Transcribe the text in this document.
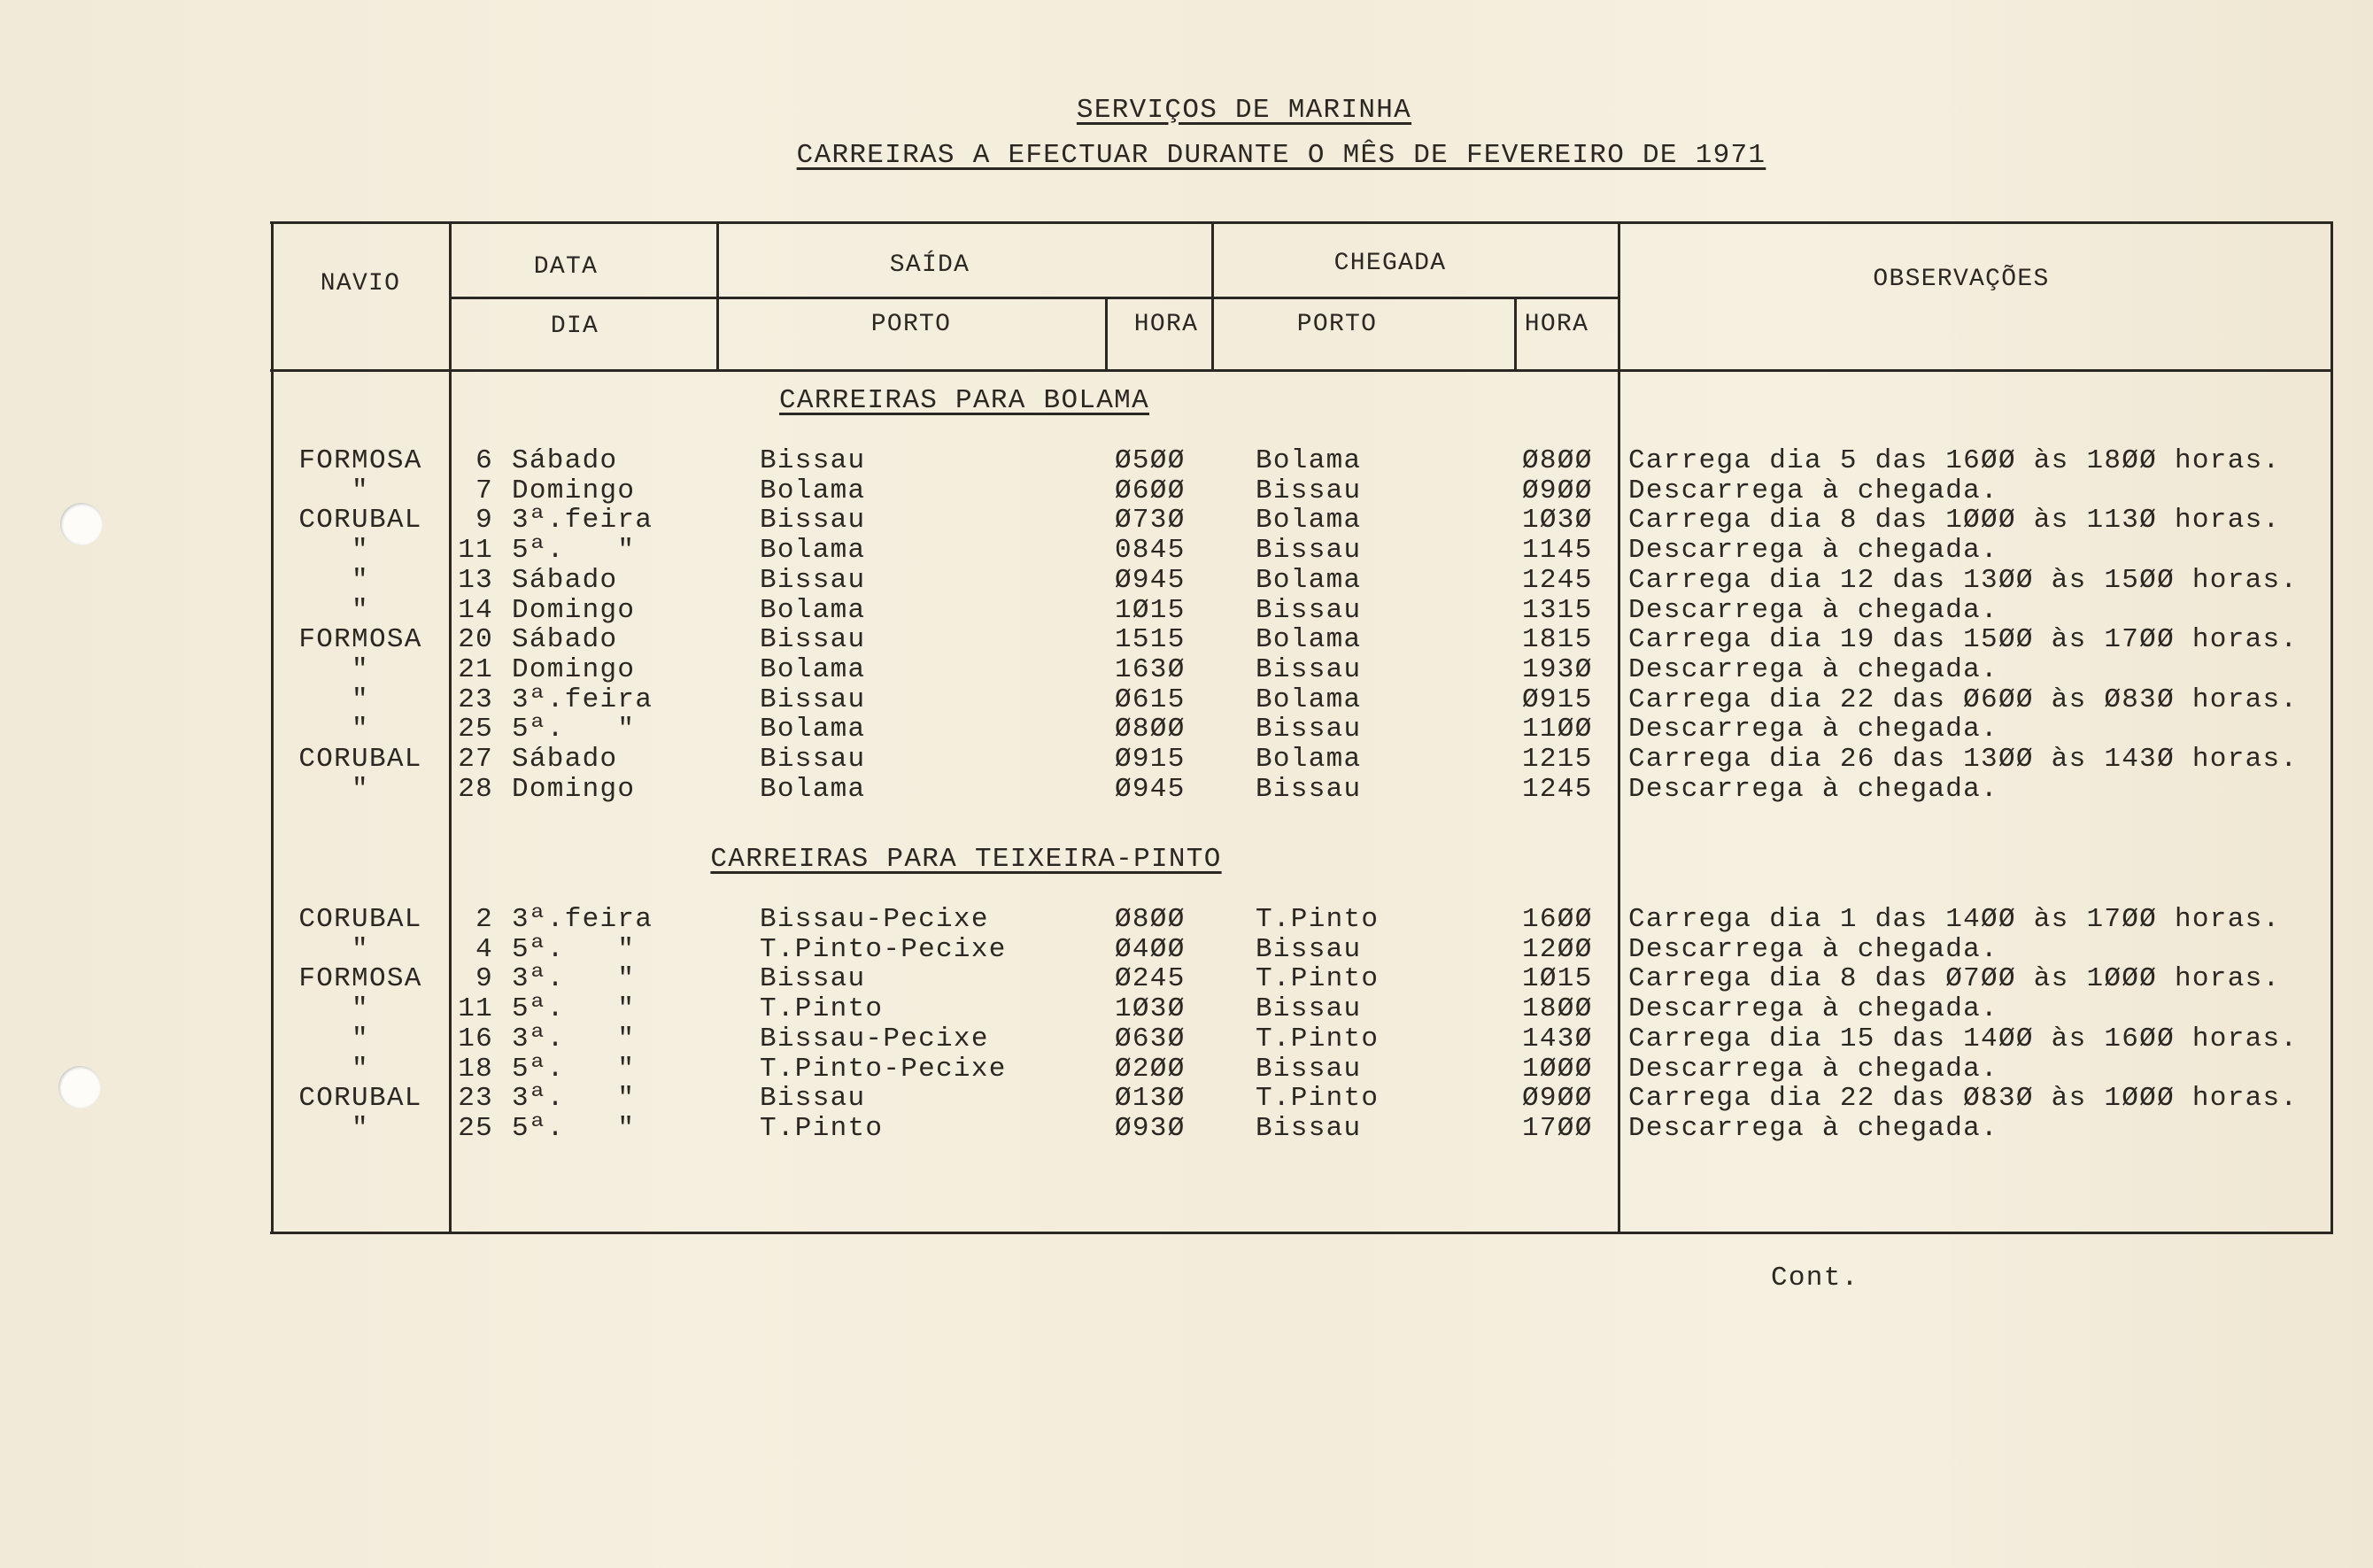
SERVIÇOS DE MARINHA
CARREIRAS A EFECTUAR DURANTE O MÊS DE FEVEREIRO DE 1971
NAVIO
DATA
DIA
SAÍDA	CHEGADA
PORTO	HORA	PORTO	HORA
OBSERVAÇÕES
CARREIRAS PARA BOLAMA
CARREIRAS PARA TEIXEIRA-PINTO
FORMOSA 6 Sábado	Bissau	Ø5ØØ	Bolama	Ø8ØØ Carrega dia 5 das 16ØØ às 18ØØ horas.
"	7 Domingo	Bolama	Ø6ØØ	Bissau	Ø9ØØ Descarrega à chegada.
CORUBAL 9 3ª.feira	Bissau	Ø73Ø	Bolama	1Ø3Ø Carrega dia 8 das 1ØØØ às 113Ø horas.
"	11 5ª.   "	Bolama	0845	Bissau	1145 Descarrega à chegada.
"	13 Sábado	Bissau	Ø945	Bolama	1245 Carrega dia 12 das 13ØØ às 15ØØ horas.
"	14 Domingo	Bolama	1Ø15	Bissau	1315 Descarrega à chegada.
FORMOSA 20 Sábado	Bissau	1515	Bolama	1815 Carrega dia 19 das 15ØØ às 17ØØ horas.
"	21 Domingo	Bolama	163Ø	Bissau	193Ø Descarrega à chegada.
"	23 3ª.feira	Bissau	Ø615	Bolama	Ø915 Carrega dia 22 das Ø6ØØ às Ø83Ø horas.
"	25 5ª.   "	Bolama	Ø8ØØ	Bissau	11ØØ Descarrega à chegada.
CORUBAL 27 Sábado	Bissau	Ø915	Bolama	1215 Carrega dia 26 das 13ØØ às 143Ø horas.
"	28 Domingo	Bolama	Ø945	Bissau	1245 Descarrega à chegada.
CORUBAL 2 3ª.feira	Bissau-Pecixe	Ø8ØØ	T.Pinto	16ØØ Carrega dia 1 das 14ØØ às 17ØØ horas.
"	4 5ª.   "	T.Pinto-Pecixe	Ø4ØØ	Bissau	12ØØ Descarrega à chegada.
FORMOSA 9 3ª.   "	Bissau	Ø245	T.Pinto	1Ø15 Carrega dia 8 das Ø7ØØ às 1ØØØ horas.
"	11 5ª.   "	T.Pinto	1Ø3Ø	Bissau	18ØØ Descarrega à chegada.
"	16 3ª.   "	Bissau-Pecixe	Ø63Ø	T.Pinto	143Ø Carrega dia 15 das 14ØØ às 16ØØ horas.
"	18 5ª.   "	T.Pinto-Pecixe	Ø2ØØ	Bissau	1ØØØ Descarrega à chegada.
CORUBAL 23 3ª.   "	Bissau	Ø13Ø	T.Pinto	Ø9ØØ Carrega dia 22 das Ø83Ø às 1ØØØ horas.
"	25 5ª.   "	T.Pinto	Ø93Ø	Bissau	17ØØ Descarrega à chegada.
Cont.
